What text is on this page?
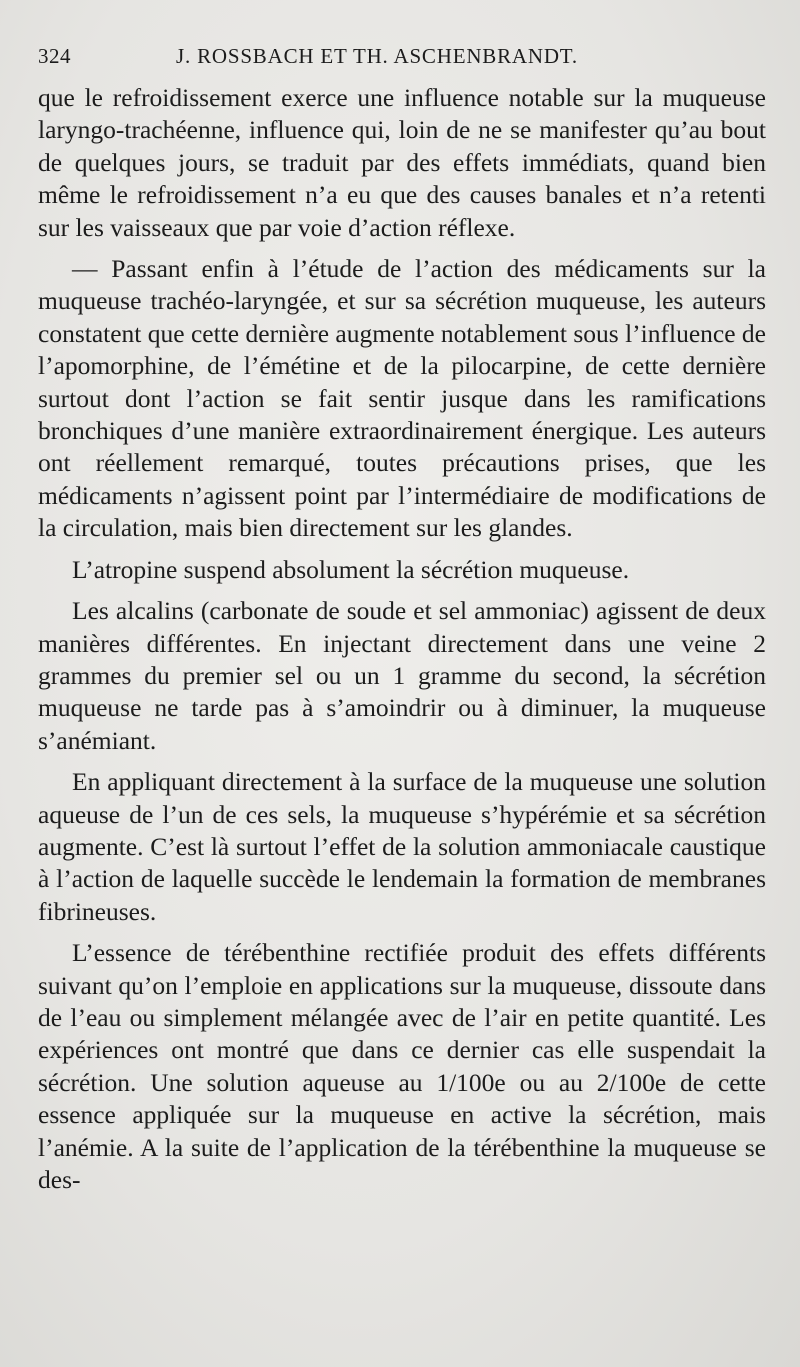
324	J. ROSSBACH ET TH. ASCHENBRANDT.

que le refroidissement exerce une influence notable sur la muqueuse laryngo-trachéenne, influence qui, loin de ne se manifester qu’au bout de quelques jours, se traduit par des effets immédiats, quand bien même le refroidissement n’a eu que des causes banales et n’a retenti sur les vaisseaux que par voie d’action réflexe.

— Passant enfin à l’étude de l’action des médicaments sur la muqueuse trachéo-laryngée, et sur sa sécrétion muqueuse, les auteurs constatent que cette dernière augmente notablement sous l’influence de l’apomorphine, de l’émétine et de la pilocarpine, de cette dernière surtout dont l’action se fait sentir jusque dans les ramifications bronchiques d’une manière extraordinairement énergique. Les auteurs ont réellement remarqué, toutes précautions prises, que les médicaments n’agissent point par l’intermédiaire de modifications de la circulation, mais bien directement sur les glandes.

L’atropine suspend absolument la sécrétion muqueuse.

Les alcalins (carbonate de soude et sel ammoniac) agissent de deux manières différentes. En injectant directement dans une veine 2 grammes du premier sel ou un 1 gramme du second, la sécrétion muqueuse ne tarde pas à s’amoindrir ou à diminuer, la muqueuse s’anémiant.

En appliquant directement à la surface de la muqueuse une solution aqueuse de l’un de ces sels, la muqueuse s’hypérémie et sa sécrétion augmente. C’est là surtout l’effet de la solution ammoniacale caustique à l’action de laquelle succède le lendemain la formation de membranes fibrineuses.

L’essence de térébenthine rectifiée produit des effets différents suivant qu’on l’emploie en applications sur la muqueuse, dissoute dans de l’eau ou simplement mélangée avec de l’air en petite quantité. Les expériences ont montré que dans ce dernier cas elle suspendait la sécrétion. Une solution aqueuse au 1/100e ou au 2/100e de cette essence appliquée sur la muqueuse en active la sécrétion, mais l’anémie. A la suite de l’application de la térébenthine la muqueuse se des-
